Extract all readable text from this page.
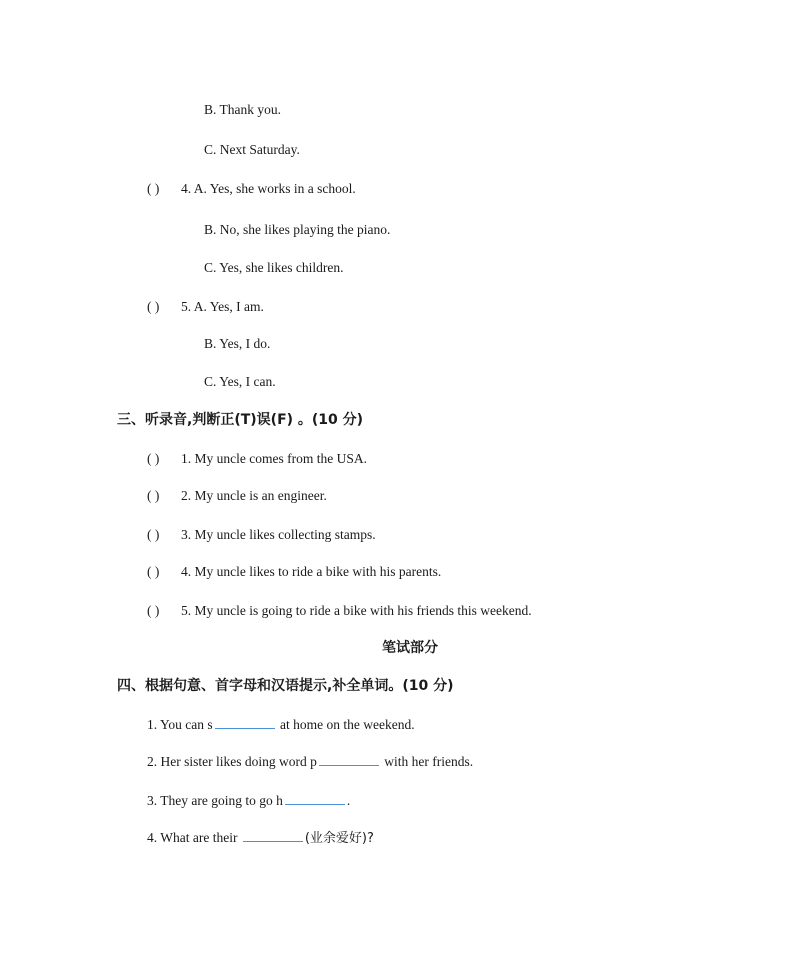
B. Thank you.
C. Next Saturday.
( ) 4. A. Yes, she works in a school.
B. No, she likes playing the piano.
C. Yes, she likes children.
( ) 5. A. Yes, I am.
B. Yes, I do.
C. Yes, I can.
三、听录音,判断正(T)误(F) 。(10 分)
( ) 1. My uncle comes from the USA.
( ) 2. My uncle is an engineer.
( ) 3. My uncle likes collecting stamps.
( ) 4. My uncle likes to ride a bike with his parents.
( ) 5. My uncle is going to ride a bike with his friends this weekend.
笔试部分
四、根据句意、首字母和汉语提示,补全单词。(10 分)
1. You can s	at home on the weekend.
2. Her sister likes doing word p	with her friends.
3. They are going to go h	.
4. What are their	(业余爱好)?
